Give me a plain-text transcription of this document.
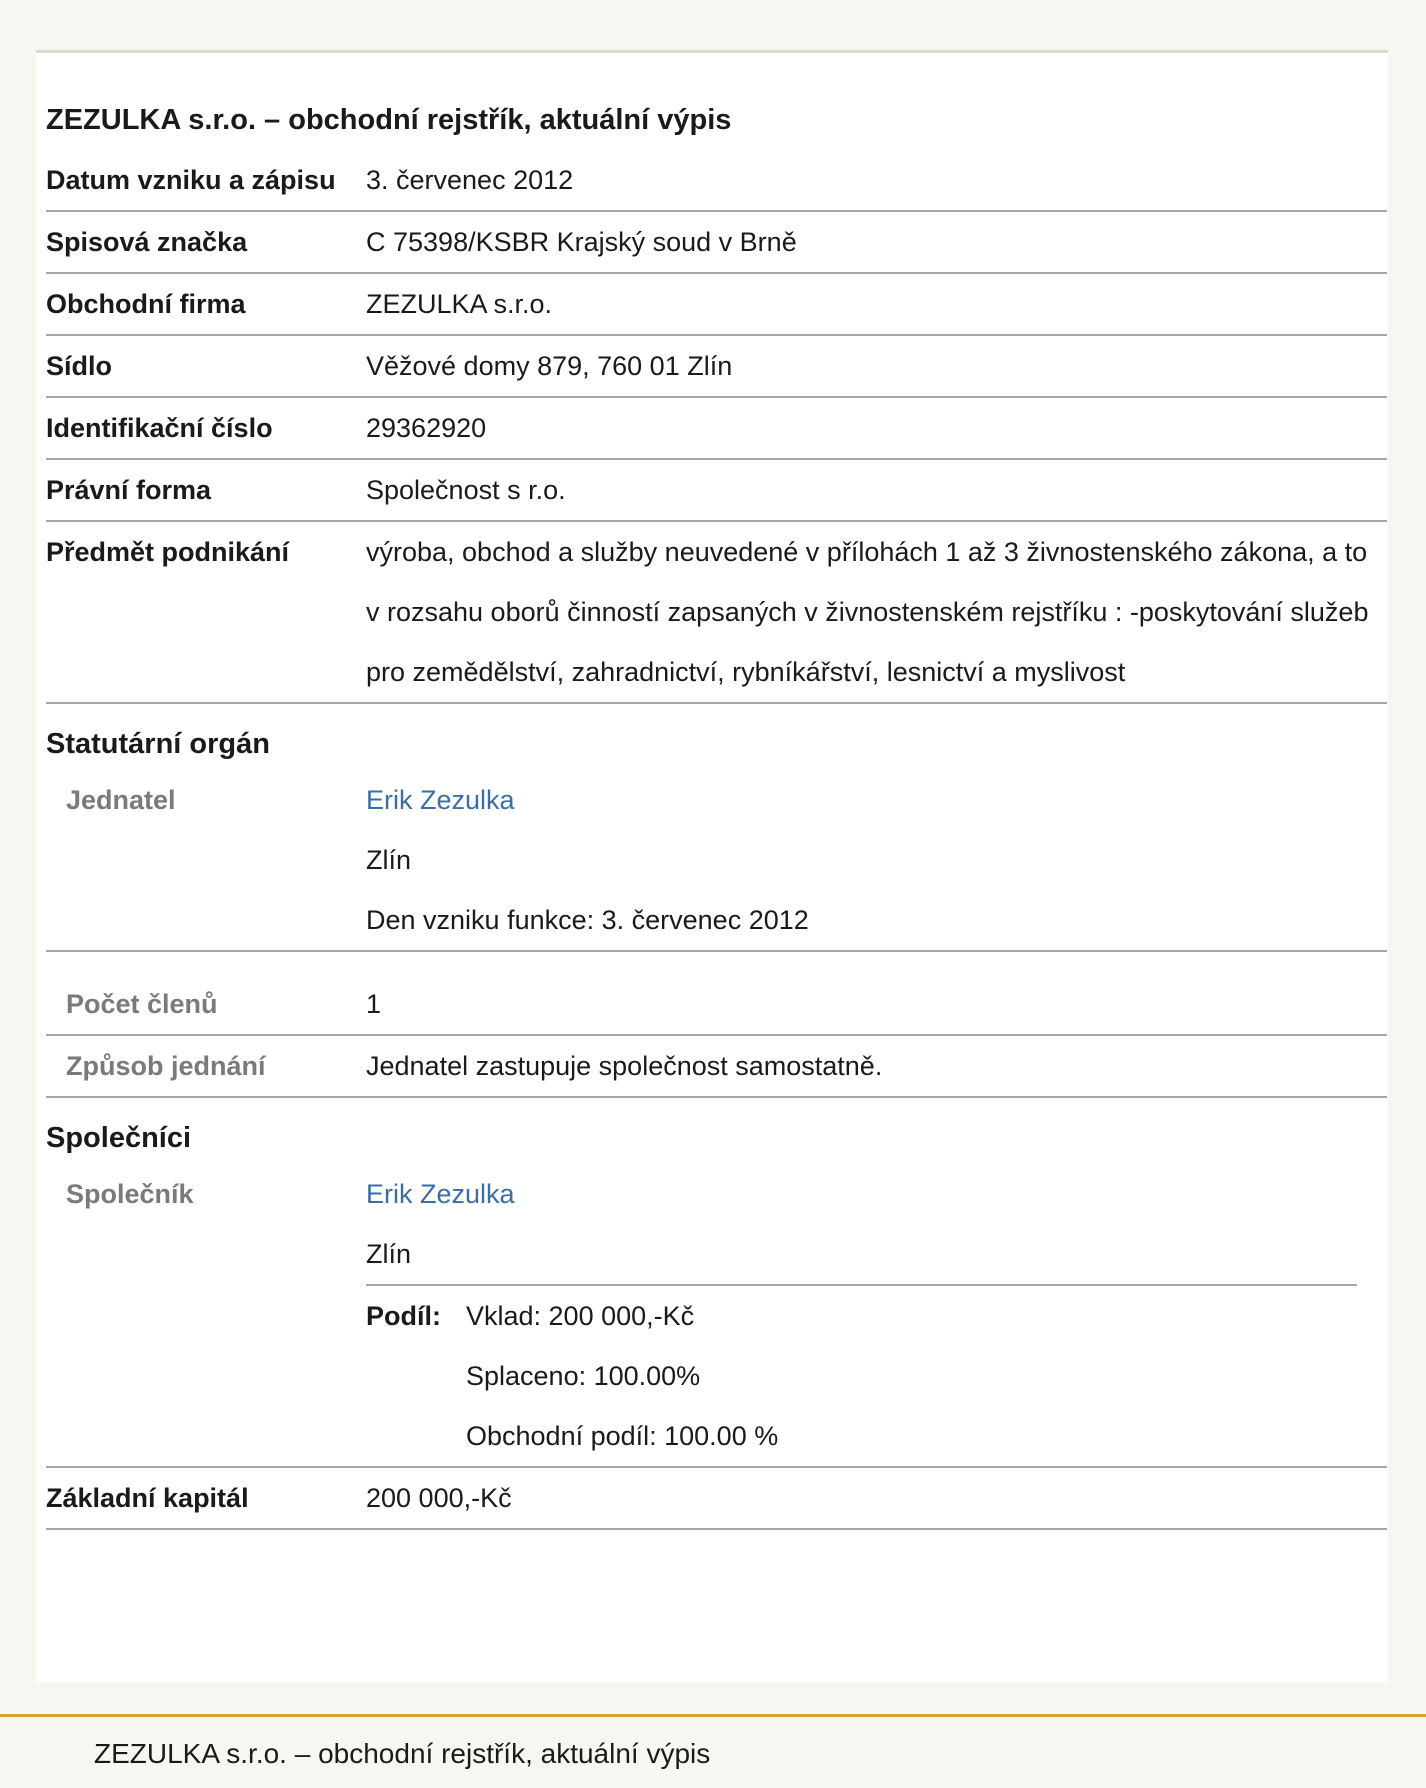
ZEZULKA s.r.o. – obchodní rejstřík, aktuální výpis
Datum vzniku a zápisu	3. červenec 2012
Spisová značka	C 75398/KSBR Krajský soud v Brně
Obchodní firma	ZEZULKA s.r.o.
Sídlo	Věžové domy 879, 760 01 Zlín
Identifikační číslo	29362920
Právní forma	Společnost s r.o.
Předmět podnikání	výroba, obchod a služby neuvedené v přílohách 1 až 3 živnostenského zákona, a to v rozsahu oborů činností zapsaných v živnostenském rejstříku : -poskytování služeb pro zemědělství, zahradnictví, rybníkářství, lesnictví a myslivost
Statutární orgán
Jednatel	Erik Zezulka
Zlín
Den vzniku funkce: 3. červenec 2012
Počet členů	1
Způsob jednání	Jednatel zastupuje společnost samostatně.
Společníci
Společník	Erik Zezulka
Zlín
Podíl: Vklad: 200 000,-Kč
Splaceno: 100.00%
Obchodní podíl: 100.00 %
Základní kapitál	200 000,-Kč
ZEZULKA s.r.o. – obchodní rejstřík, aktuální výpis
